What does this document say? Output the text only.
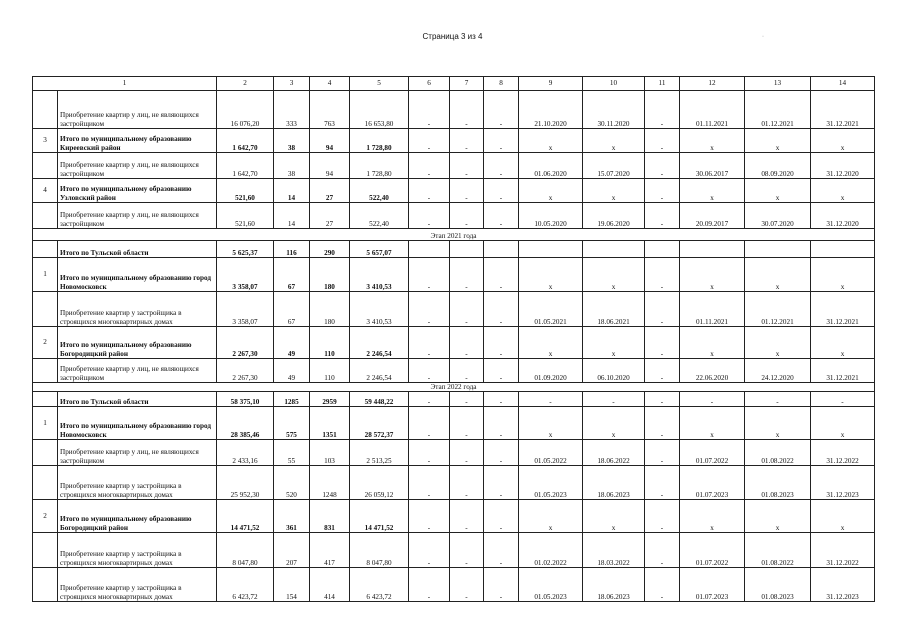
Страница 3 из 4	·
1		2	3	4	5	6	7	8	9	10	11	12	13	14
	Приобретение квартир у лиц, не являющихся застройщиком	16 076,20	333	763	16 653,80	-	-	-	21.10.2020	30.11.2020	-	01.11.2021	01.12.2021	31.12.2021
3	Итого по муниципальному образованию Киреевский район	1 642,70	38	94	1 728,80	-	-	-	x	x	-	x	x	x
	Приобретение квартир у лиц, не являющихся застройщиком	1 642,70	38	94	1 728,80	-	-	-	01.06.2020	15.07.2020	-	30.06.2017	08.09.2020	31.12.2020
4	Итого по муниципальному образованию Узловский район	521,60	14	27	522,40	-	-	-	x	x	-	x	x	x
	Приобретение квартир у лиц, не являющихся застройщиком	521,60	14	27	522,40	-	-	-	10.05.2020	19.06.2020	-	20.09.2017	30.07.2020	31.12.2020
Этап 2021 года														
	Итого по Тульской области	5 625,37	116	290	5 657,07									
1	Итого по муниципальному образованию город Новомосковск	3 358,07	67	180	3 410,53	-	-	-	x	x	-	x	x	x
	Приобретение квартир у застройщика в строящихся многоквартирных домах	3 358,07	67	180	3 410,53	-	-	-	01.05.2021	18.06.2021	-	01.11.2021	01.12.2021	31.12.2021
2	Итого по муниципальному образованию Богородицкий район	2 267,30	49	110	2 246,54	-	-	-	x	x	-	x	x	x
	Приобретение квартир у лиц, не являющихся застройщиком	2 267,30	49	110	2 246,54	-	-	-	01.09.2020	06.10.2020	-	22.06.2020	24.12.2020	31.12.2021
Этап 2022 года														
	Итого по Тульской области	58 375,10	1285	2959	59 448,22	-	-	-	-	-	-	-	-	-
1	Итого по муниципальному образованию город Новомосковск	28 385,46	575	1351	28 572,37	-	-	-	x	x	-	x	x	x
	Приобретение квартир у лиц, не являющихся застройщиком	2 433,16	55	103	2 513,25	-	-	-	01.05.2022	18.06.2022	-	01.07.2022	01.08.2022	31.12.2022
	Приобретение квартир у застройщика в строящихся многоквартирных домах	25 952,30	520	1248	26 059,12	-	-	-	01.05.2023	18.06.2023	-	01.07.2023	01.08.2023	31.12.2023
2	Итого по муниципальному образованию Богородицкий район	14 471,52	361	831	14 471,52	-	-	-	x	x	-	x	x	x
	Приобретение квартир у застройщика в строящихся многоквартирных домах	8 047,80	207	417	8 047,80	-	-	-	01.02.2022	18.03.2022	-	01.07.2022	01.08.2022	31.12.2022
	Приобретение квартир у застройщика в строящихся многоквартирных домах	6 423,72	154	414	6 423,72	-	-	-	01.05.2023	18.06.2023	-	01.07.2023	01.08.2023	31.12.2023
